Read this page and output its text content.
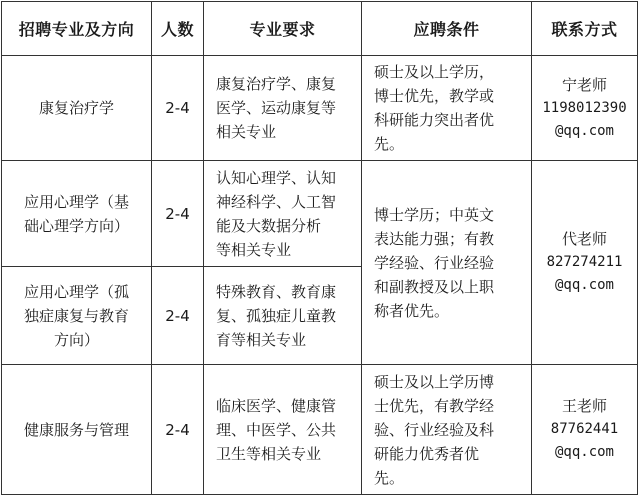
招聘专业及方向	人数	专业要求	应聘条件	联系方式

康复治疗学	2-4	康复治疗学、康复
医学、运动康复等
相关专业	硕士及以上学历，
博士优先，教学或
科研能力突出者优
先。	宁老师
1198012390
@qq.com

应用心理学（基
础心理学方向）	2-4	认知心理学、认知
神经科学、人工智
能及大数据分析
等相关专业	博士学历；中英文
表达能力强；有教
学经验、行业经验
和副教授及以上职
称者优先。	代老师
827274211
@qq.com

应用心理学（孤
独症康复与教育
方向）	2-4	特殊教育、教育康
复、孤独症儿童教
育等相关专业		

健康服务与管理	2-4	临床医学、健康管
理、中医学、公共
卫生等相关专业	硕士及以上学历博
士优先，有教学经
验、行业经验及科
研能力优秀者优
先。	王老师
87762441
@qq.com
